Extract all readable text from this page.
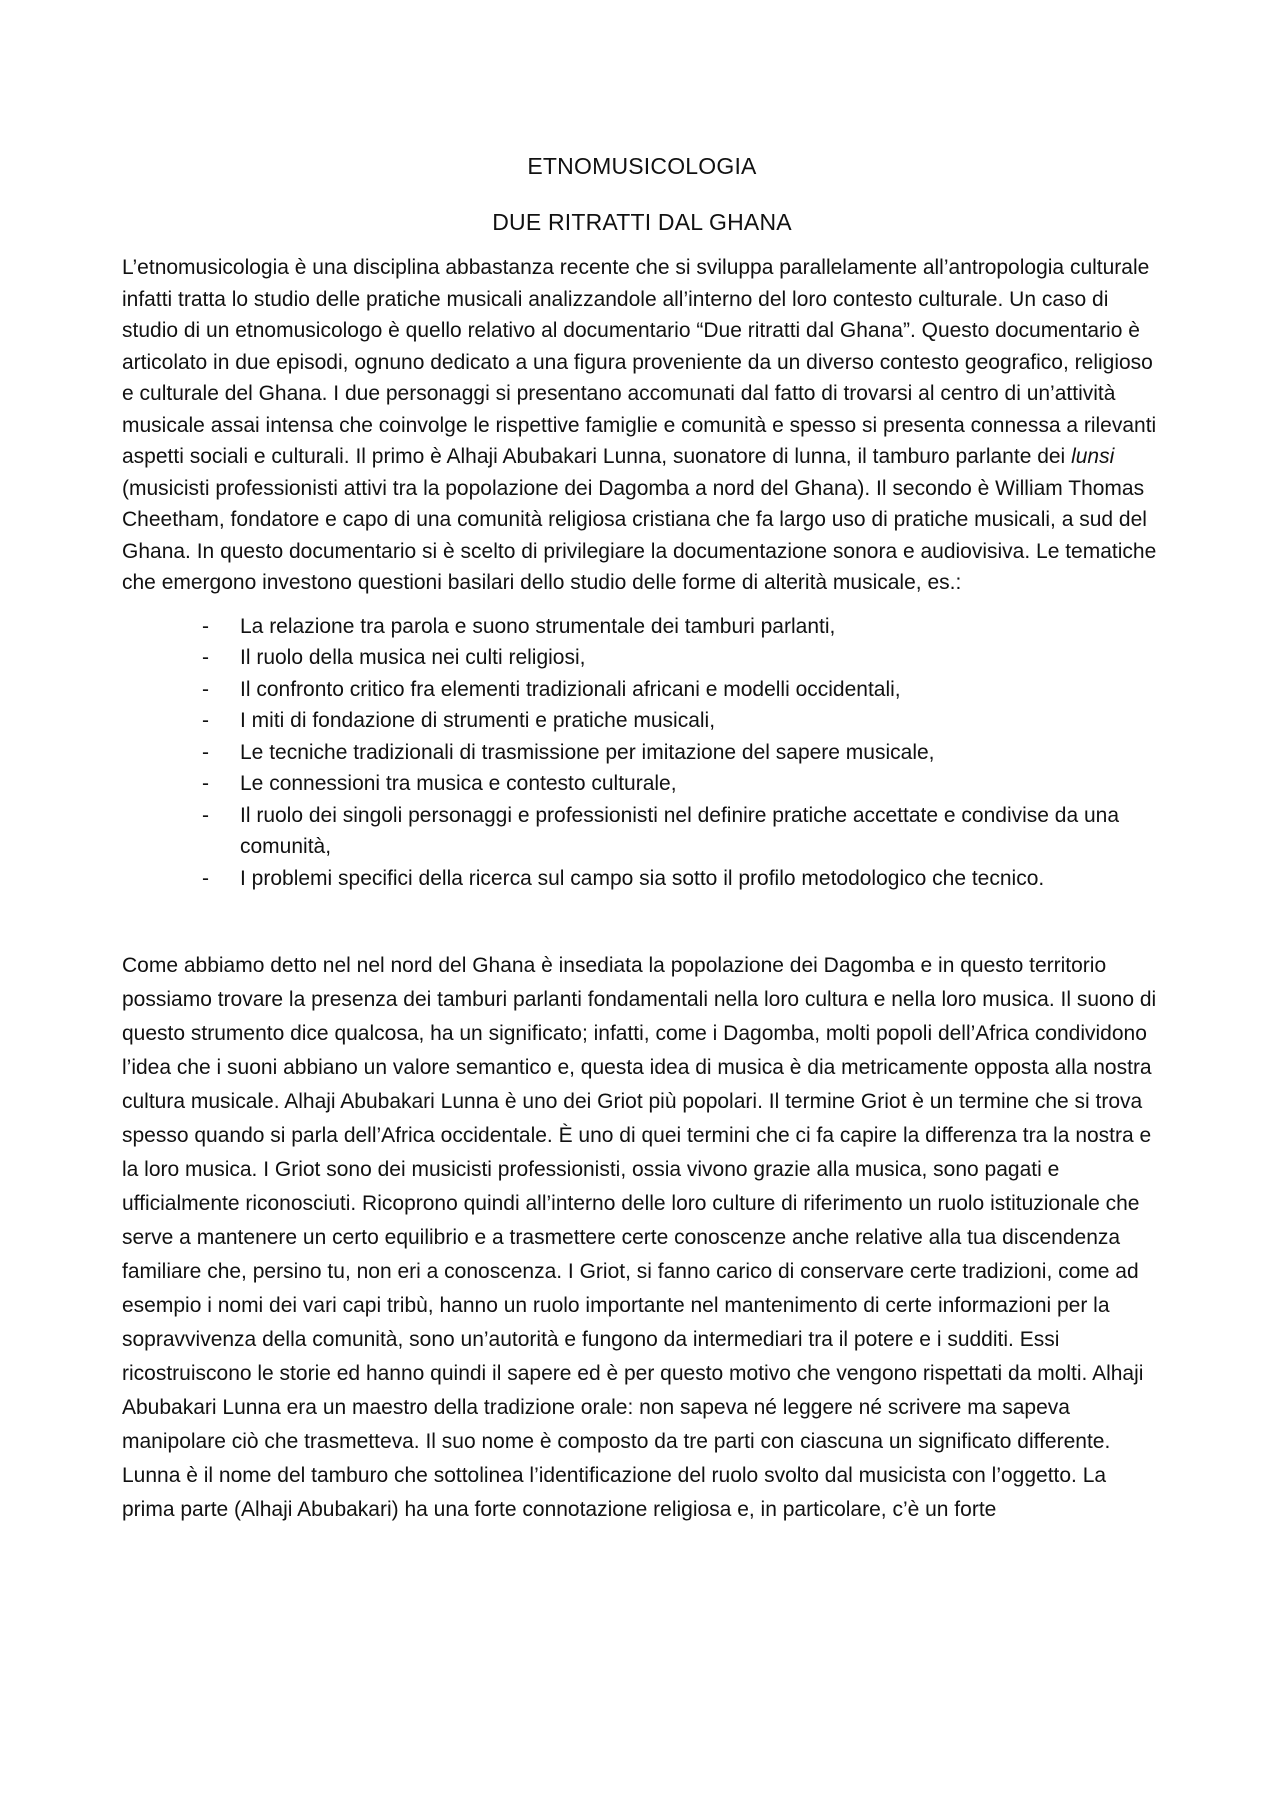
ETNOMUSICOLOGIA
DUE RITRATTI DAL GHANA

L’etnomusicologia è una disciplina abbastanza recente che si sviluppa parallelamente all’antropologia culturale infatti tratta lo studio delle pratiche musicali analizzandole all’interno del loro contesto culturale. Un caso di studio di un etnomusicologo è quello relativo al documentario “Due ritratti dal Ghana”. Questo documentario è articolato in due episodi, ognuno dedicato a una figura proveniente da un diverso contesto geografico, religioso e culturale del Ghana. I due personaggi si presentano accomunati dal fatto di trovarsi al centro di un’attività musicale assai intensa che coinvolge le rispettive famiglie e comunità e spesso si presenta connessa a rilevanti aspetti sociali e culturali. Il primo è Alhaji Abubakari Lunna, suonatore di lunna, il tamburo parlante dei lunsi (musicisti professionisti attivi tra la popolazione dei Dagomba a nord del Ghana). Il secondo è William Thomas Cheetham, fondatore e capo di una comunità religiosa cristiana che fa largo uso di pratiche musicali, a sud del Ghana. In questo documentario si è scelto di privilegiare la documentazione sonora e audiovisiva. Le tematiche che emergono investono questioni basilari dello studio delle forme di alterità musicale, es.:

- La relazione tra parola e suono strumentale dei tamburi parlanti,
- Il ruolo della musica nei culti religiosi,
- Il confronto critico fra elementi tradizionali africani e modelli occidentali,
- I miti di fondazione di strumenti e pratiche musicali,
- Le tecniche tradizionali di trasmissione per imitazione del sapere musicale,
- Le connessioni tra musica e contesto culturale,
- Il ruolo dei singoli personaggi e professionisti nel definire pratiche accettate e condivise da una comunità,
- I problemi specifici della ricerca sul campo sia sotto il profilo metodologico che tecnico.

Come abbiamo detto nel nel nord del Ghana è insediata la popolazione dei Dagomba e in questo territorio possiamo trovare la presenza dei tamburi parlanti fondamentali nella loro cultura e nella loro musica. Il suono di questo strumento dice qualcosa, ha un significato; infatti, come i Dagomba, molti popoli dell’Africa condividono l’idea che i suoni abbiano un valore semantico e, questa idea di musica è dia metricamente opposta alla nostra cultura musicale. Alhaji Abubakari Lunna è uno dei Griot più popolari. Il termine Griot è un termine che si trova spesso quando si parla dell’Africa occidentale. È uno di quei termini che ci fa capire la differenza tra la nostra e la loro musica. I Griot sono dei musicisti professionisti, ossia vivono grazie alla musica, sono pagati e ufficialmente riconosciuti. Ricoprono quindi all’interno delle loro culture di riferimento un ruolo istituzionale che serve a mantenere un certo equilibrio e a trasmettere certe conoscenze anche relative alla tua discendenza familiare che, persino tu, non eri a conoscenza. I Griot, si fanno carico di conservare certe tradizioni, come ad esempio i nomi dei vari capi tribù, hanno un ruolo importante nel mantenimento di certe informazioni per la sopravvivenza della comunità, sono un’autorità e fungono da intermediari tra il potere e i sudditi. Essi ricostruiscono le storie ed hanno quindi il sapere ed è per questo motivo che vengono rispettati da molti. Alhaji Abubakari Lunna era un maestro della tradizione orale: non sapeva né leggere né scrivere ma sapeva manipolare ciò che trasmetteva. Il suo nome è composto da tre parti con ciascuna un significato differente. Lunna è il nome del tamburo che sottolinea l’identificazione del ruolo svolto dal musicista con l’oggetto. La prima parte (Alhaji Abubakari) ha una forte connotazione religiosa e, in particolare, c’è un forte
